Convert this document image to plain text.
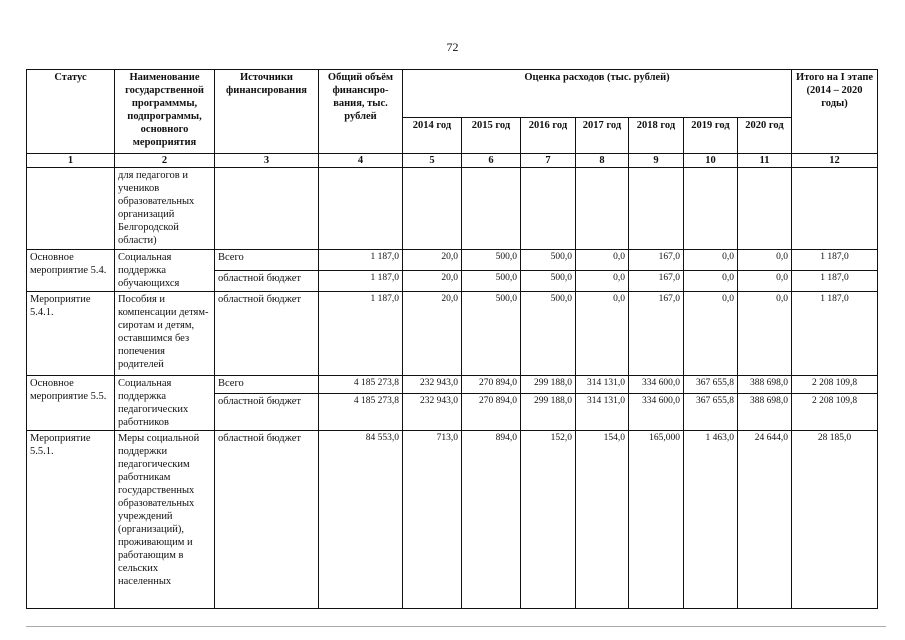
72
Статус	Наименование государственной программмы, подпрограммы, основного мероприятия	Источники финансирования	Общий объём финансиро-вания, тыс. рублей	Оценка расходов (тыс. рублей)							Итого на I этапе (2014 – 2020 годы)
				2014 год	2015 год	2016 год	2017 год	2018 год	2019 год	2020 год	
1	2	3	4	5	6	7	8	9	10	11	12
	для педагогов и учеников образовательных организаций Белгородской области)										
Основное мероприятие 5.4.	Социальная поддержка обучающихся	Всего	1 187,0	20,0	500,0	500,0	0,0	167,0	0,0	0,0	1 187,0
		областной бюджет	1 187,0	20,0	500,0	500,0	0,0	167,0	0,0	0,0	1 187,0
Мероприятие 5.4.1.	Пособия и компенсации детям-сиротам и детям, оставшимся без попечения родителей	областной бюджет	1 187,0	20,0	500,0	500,0	0,0	167,0	0,0	0,0	1 187,0
Основное мероприятие 5.5.	Социальная поддержка педагогических работников	Всего	4 185 273,8	232 943,0	270 894,0	299 188,0	314 131,0	334 600,0	367 655,8	388 698,0	2 208 109,8
		областной бюджет	4 185 273,8	232 943,0	270 894,0	299 188,0	314 131,0	334 600,0	367 655,8	388 698,0	2 208 109,8
Мероприятие 5.5.1.	Меры социальной поддержки педагогическим работникам государственных образовательных учреждений (организаций), проживающим и работающим в сельских населенных	областной бюджет	84 553,0	713,0	894,0	152,0	154,0	165,000	1 463,0	24 644,0	28 185,0
